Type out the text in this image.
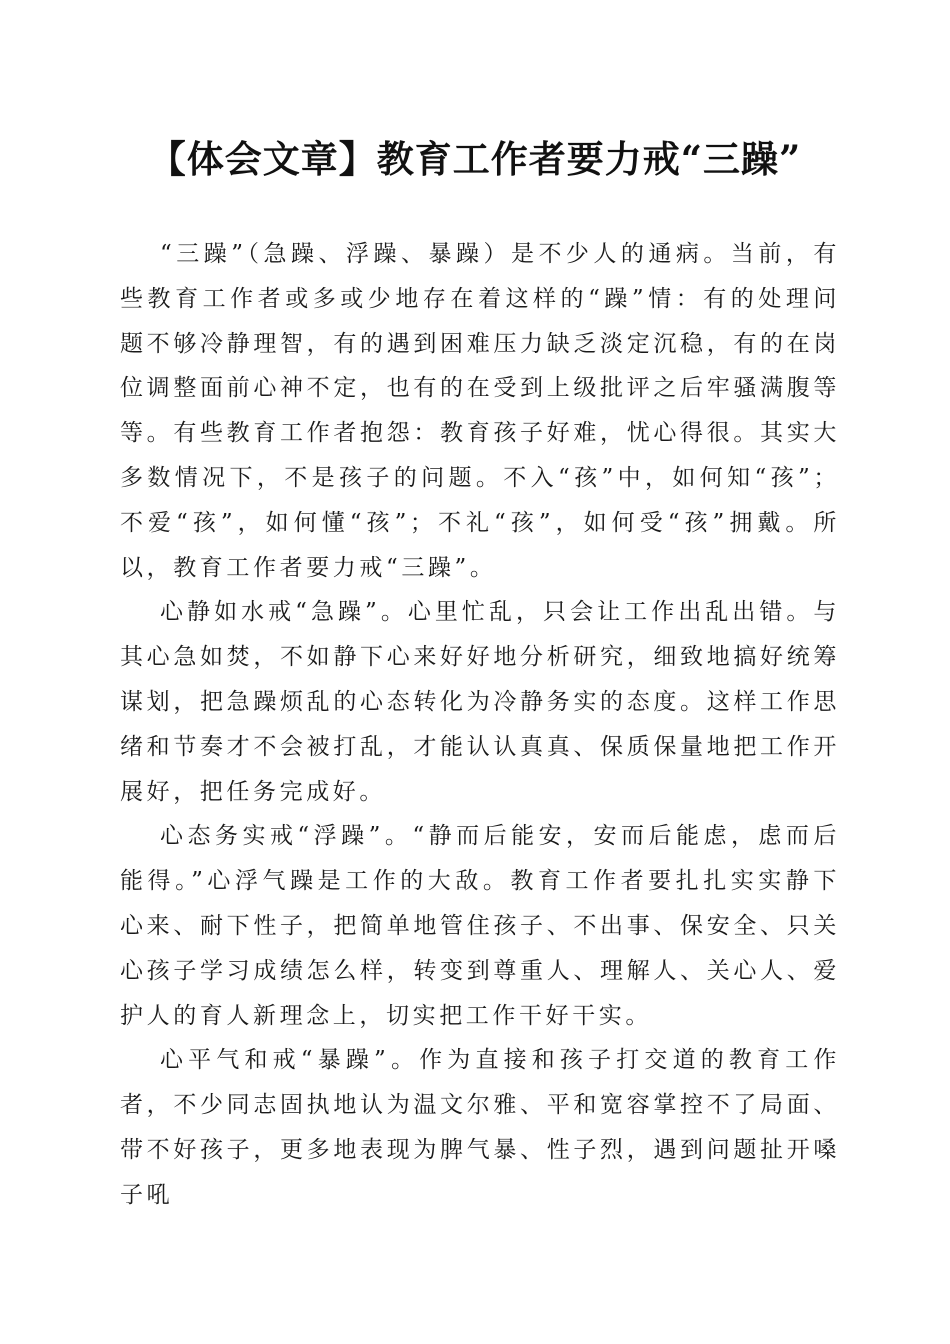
【体会文章】教育工作者要力戒“三躁”

“三躁”（急躁、浮躁、暴躁）是不少人的通病。当前，有些教育工作者或多或少地存在着这样的“躁”情：有的处理问题不够冷静理智，有的遇到困难压力缺乏淡定沉稳，有的在岗位调整面前心神不定，也有的在受到上级批评之后牢骚满腹等等。有些教育工作者抱怨：教育孩子好难，忧心得很。其实大多数情况下，不是孩子的问题。不入“孩”中，如何知“孩”；不爱“孩”，如何懂“孩”；不礼“孩”，如何受“孩”拥戴。所以，教育工作者要力戒“三躁”。

心静如水戒“急躁”。心里忙乱，只会让工作出乱出错。与其心急如焚，不如静下心来好好地分析研究，细致地搞好统筹谋划，把急躁烦乱的心态转化为冷静务实的态度。这样工作思绪和节奏才不会被打乱，才能认认真真、保质保量地把工作开展好，把任务完成好。

心态务实戒“浮躁”。“静而后能安，安而后能虑，虑而后能得。”心浮气躁是工作的大敌。教育工作者要扎扎实实静下心来、耐下性子，把简单地管住孩子、不出事、保安全、只关心孩子学习成绩怎么样，转变到尊重人、理解人、关心人、爱护人的育人新理念上，切实把工作干好干实。

心平气和戒“暴躁”。作为直接和孩子打交道的教育工作者，不少同志固执地认为温文尔雅、平和宽容掌控不了局面、带不好孩子，更多地表现为脾气暴、性子烈，遇到问题扯开嗓子吼
